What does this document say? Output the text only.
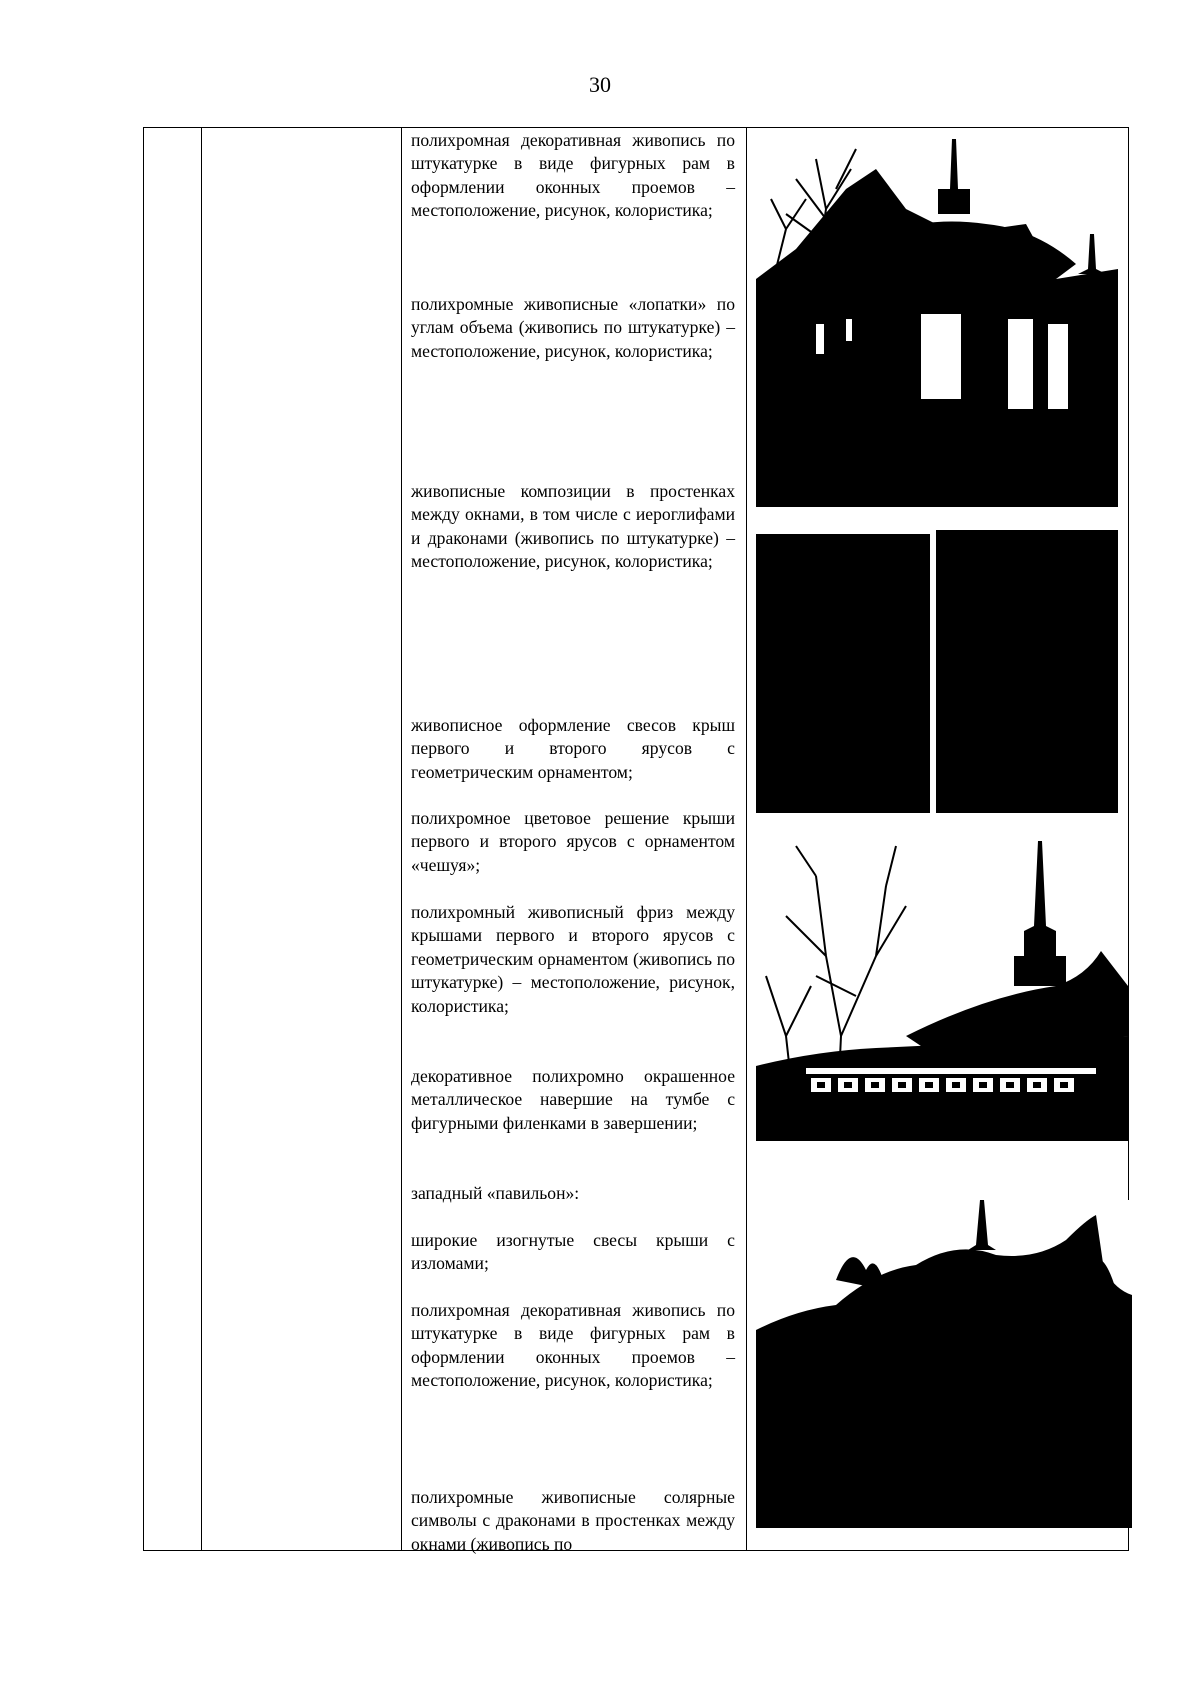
30

полихромная декоративная живопись по штукатурке в виде фигурных рам в оформлении оконных проемов – местоположение, рисунок, колористика;

полихромные живописные «лопатки» по углам объема (живопись по штукатурке) – местоположение, рисунок, колористика;

живописные композиции в простенках между окнами, в том числе с иероглифами и драконами (живопись по штукатурке) – местоположение, рисунок, колористика;

живописное оформление свесов крыш первого и второго ярусов с геометрическим орнаментом;

полихромное цветовое решение крыши первого и второго ярусов с орнаментом «чешуя»;

полихромный живописный фриз между крышами первого и второго ярусов с геометрическим орнаментом (живопись по штукатурке) – местоположение, рисунок, колористика;

декоративное полихромно окрашенное металлическое навершие на тумбе с фигурными филенками в завершении;

западный «павильон»:

широкие изогнутые свесы крыши с изломами;

полихромная декоративная живопись по штукатурке в виде фигурных рам в оформлении оконных проемов – местоположение, рисунок, колористика;

полихромные живописные солярные символы с драконами в простенках между окнами (живопись по
